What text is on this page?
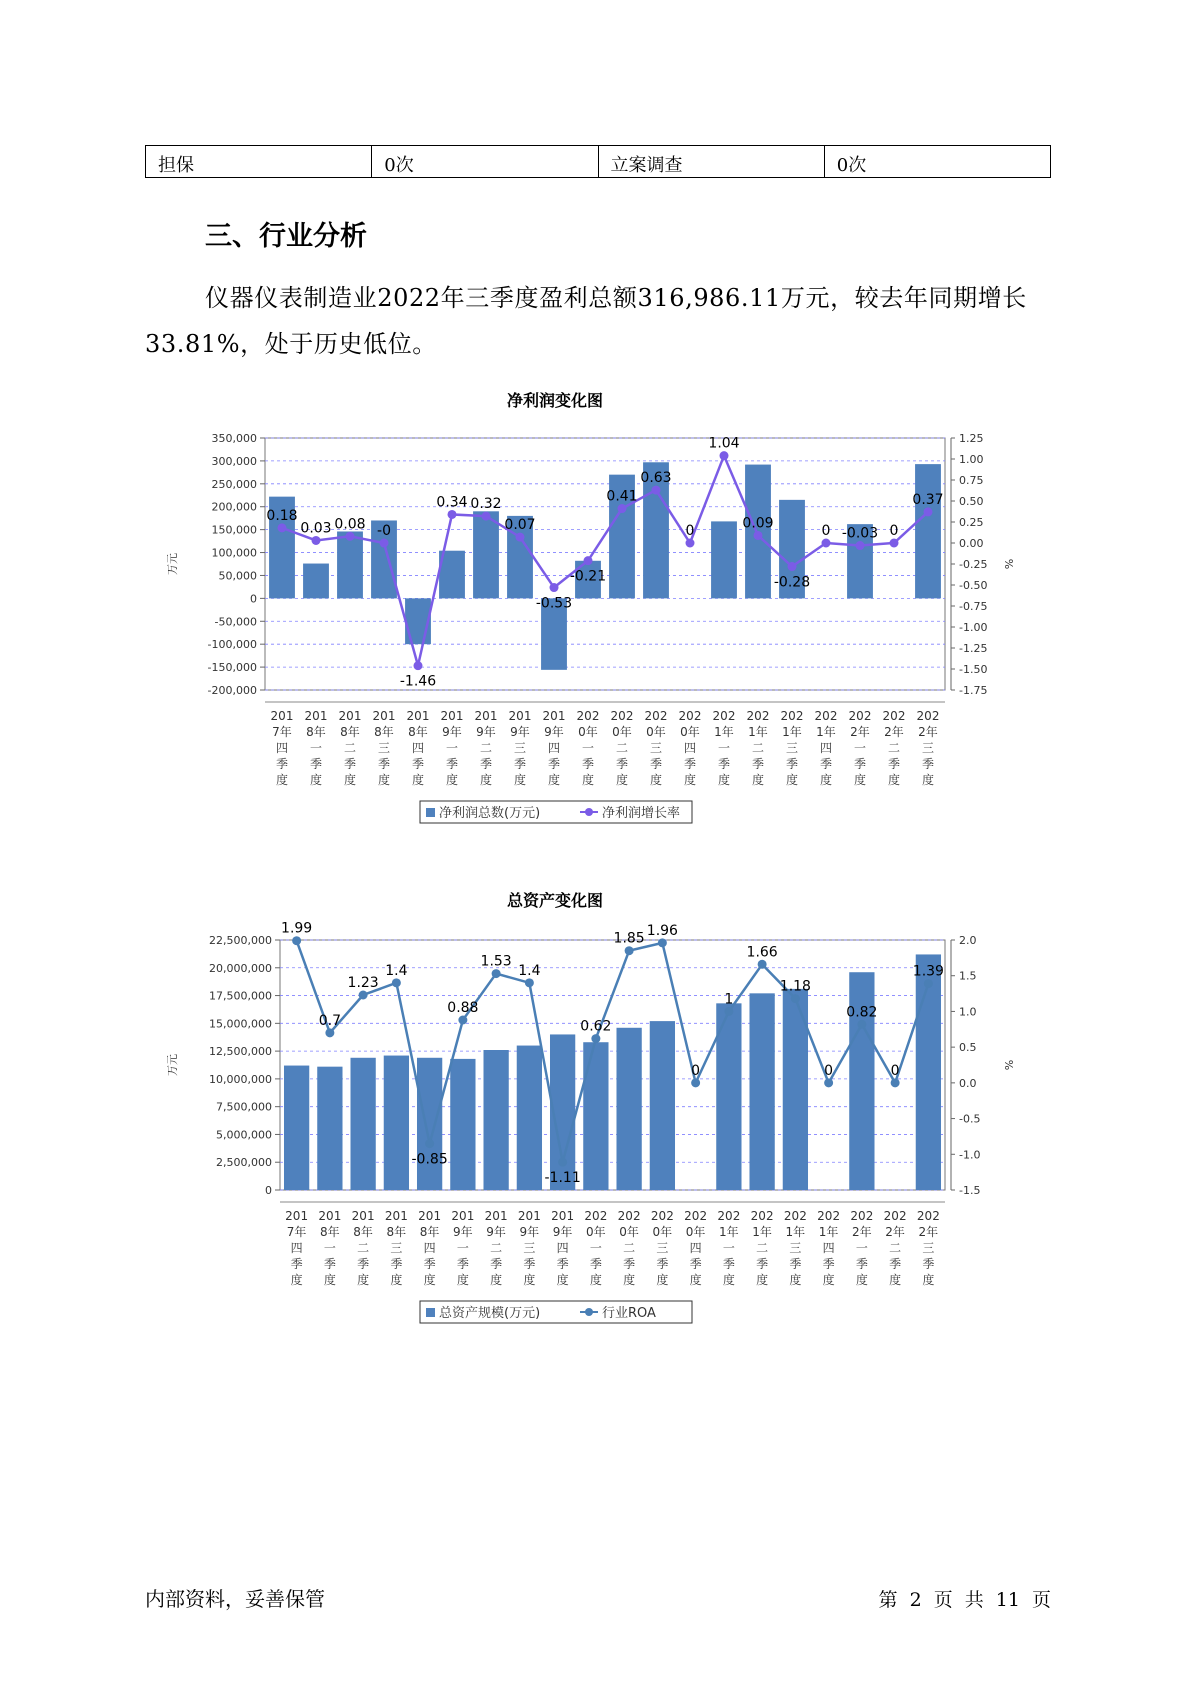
担保	0次	立案调查	0次
三、行业分析

仪器仪表制造业2022年三季度盈利总额316,986.11万元，较去年同期增长33.81%，处于历史低位。

净利润变化图
350,000
300,000
250,000
200,000
150,000
100,000
50,000
0
-50,000
-100,000
-150,000
-200,000
1.25
1.00
0.75
0.50
0.25
0.00
-0.25
-0.50
-0.75
-1.00
-1.25
-1.50
-1.75
万元	%
0.18
0.03 0.08 -0
-1.46
0.34 0.32
0.07
-0.53
-0.21
0.41
0.63
0
1.04
0.09
-0.28
0 -0.03 0
0.37
201 7年四季度
201 8年一季度
201 8年二季度
201 8年三季度
201 8年四季度
201 9年一季度
201 9年二季度
201 9年三季度
201 9年四季度
202 0年一季度
202 0年二季度
202 0年三季度
202 0年四季度
202 1年一季度
202 1年二季度
202 1年三季度
202 1年四季度
202 2年一季度
202 2年二季度
202 2年三季度
净利润总数(万元)	净利润增长率
总资产变化图
22,500,000
20,000,000
17,500,000
15,000,000
12,500,000
10,000,000
7,500,000
5,000,000
2,500,000
0
2.0
1.5
1.0
0.5
0.0
-0.5
-1.0
-1.5
万元	%
1.99
0.7
1.23
1.4
-0.85
0.88
1.53
1.4
-1.11
0.62
1.85 1.96
0
1
1.66
1.18
0
0.82
0
1.39
201 7年四季度
201 8年一季度
201 8年二季度
201 8年三季度
201 8年四季度
201 9年一季度
201 9年二季度
201 9年三季度
201 9年四季度
202 0年一季度
202 0年二季度
202 0年三季度
202 0年四季度
202 1年一季度
202 1年二季度
202 1年三季度
202 1年四季度
202 2年一季度
202 2年二季度
202 2年三季度
总资产规模(万元)	行业ROA
内部资料，妥善保管	第 2 页 共 11 页
